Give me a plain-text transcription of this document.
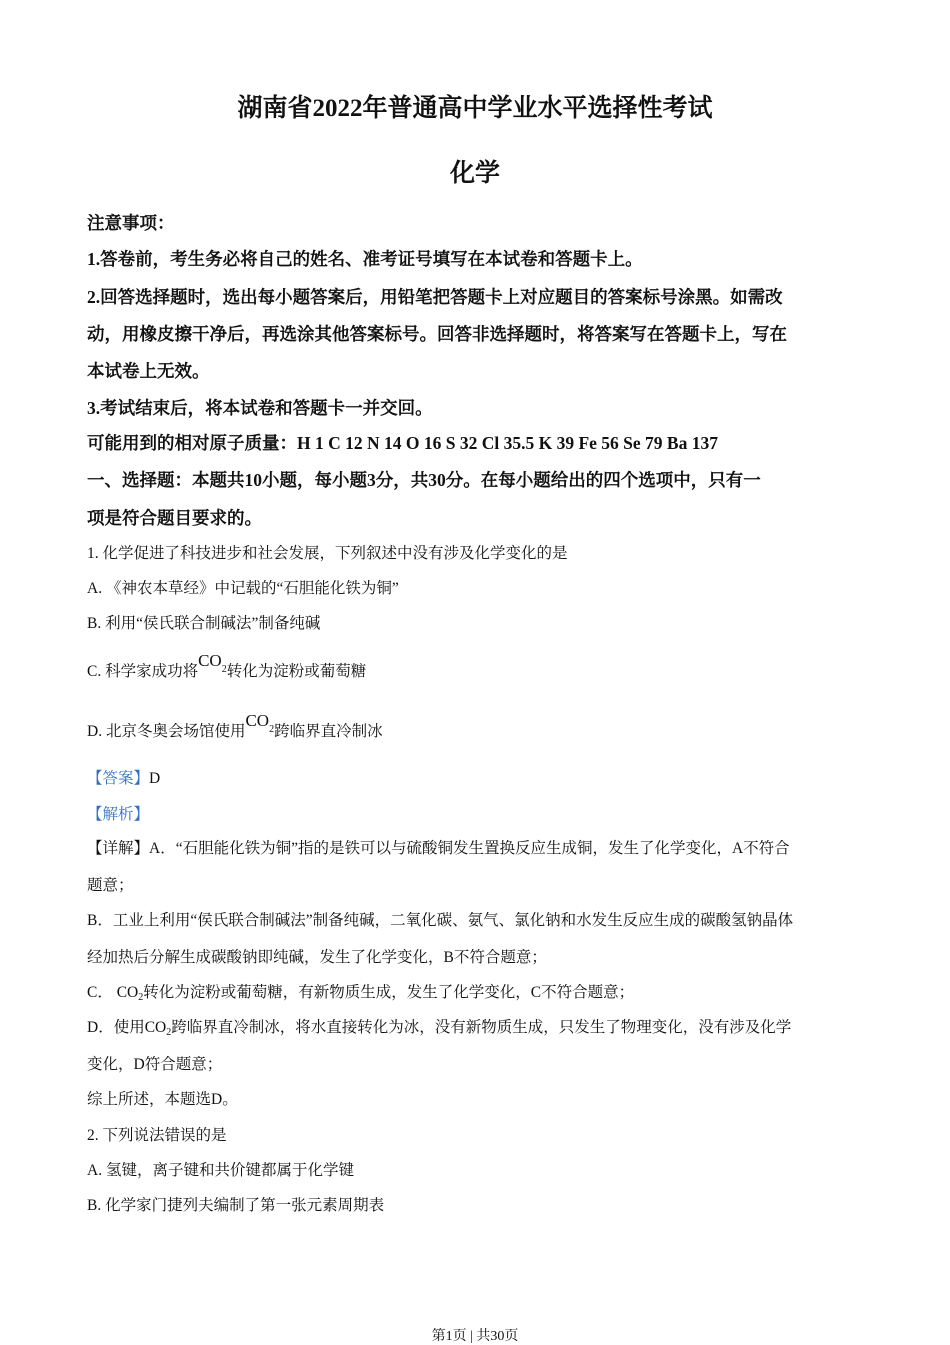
湖南省2022年普通高中学业水平选择性考试
化学
注意事项：
1.答卷前，考生务必将自己的姓名、准考证号填写在本试卷和答题卡上。
2.回答选择题时，选出每小题答案后，用铅笔把答题卡上对应题目的答案标号涂黑。如需改
动，用橡皮擦干净后，再选涂其他答案标号。回答非选择题时，将答案写在答题卡上，写在
本试卷上无效。
3.考试结束后，将本试卷和答题卡一并交回。
可能用到的相对原子质量：H 1 C 12 N 14 O 16 S 32 Cl 35.5 K 39 Fe 56 Se 79 Ba 137
一、选择题：本题共10小题，每小题3分，共30分。在每小题给出的四个选项中，只有一
项是符合题目要求的。
1. 化学促进了科技进步和社会发展，下列叙述中没有涉及化学变化的是
A. 《神农本草经》中记载的“石胆能化铁为铜”
B. 利用“侯氏联合制碱法”制备纯碱
C. 科学家成功将$CO^2$转化为淀粉或葡萄糖
D. 北京冬奥会场馆使用$CO^2$跨临界直冷制冰
【答案】D
【解析】
【详解】A．“石胆能化铁为铜”指的是铁可以与硫酸铜发生置换反应生成铜，发生了化学变化，A不符合
题意；
B．工业上利用“侯氏联合制碱法”制备纯碱，二氧化碳、氨气、氯化钠和水发生反应生成的碳酸氢钠晶体
经加热后分解生成碳酸钠即纯碱，发生了化学变化，B不符合题意；
C． CO2转化为淀粉或葡萄糖，有新物质生成，发生了化学变化，C不符合题意；
D．使用CO2跨临界直冷制冰，将水直接转化为冰，没有新物质生成，只发生了物理变化，没有涉及化学
变化，D符合题意；
综上所述，本题选D。
2. 下列说法错误的是
A. 氢键，离子键和共价键都属于化学键
B. 化学家门捷列夫编制了第一张元素周期表
第1页 | 共30页
